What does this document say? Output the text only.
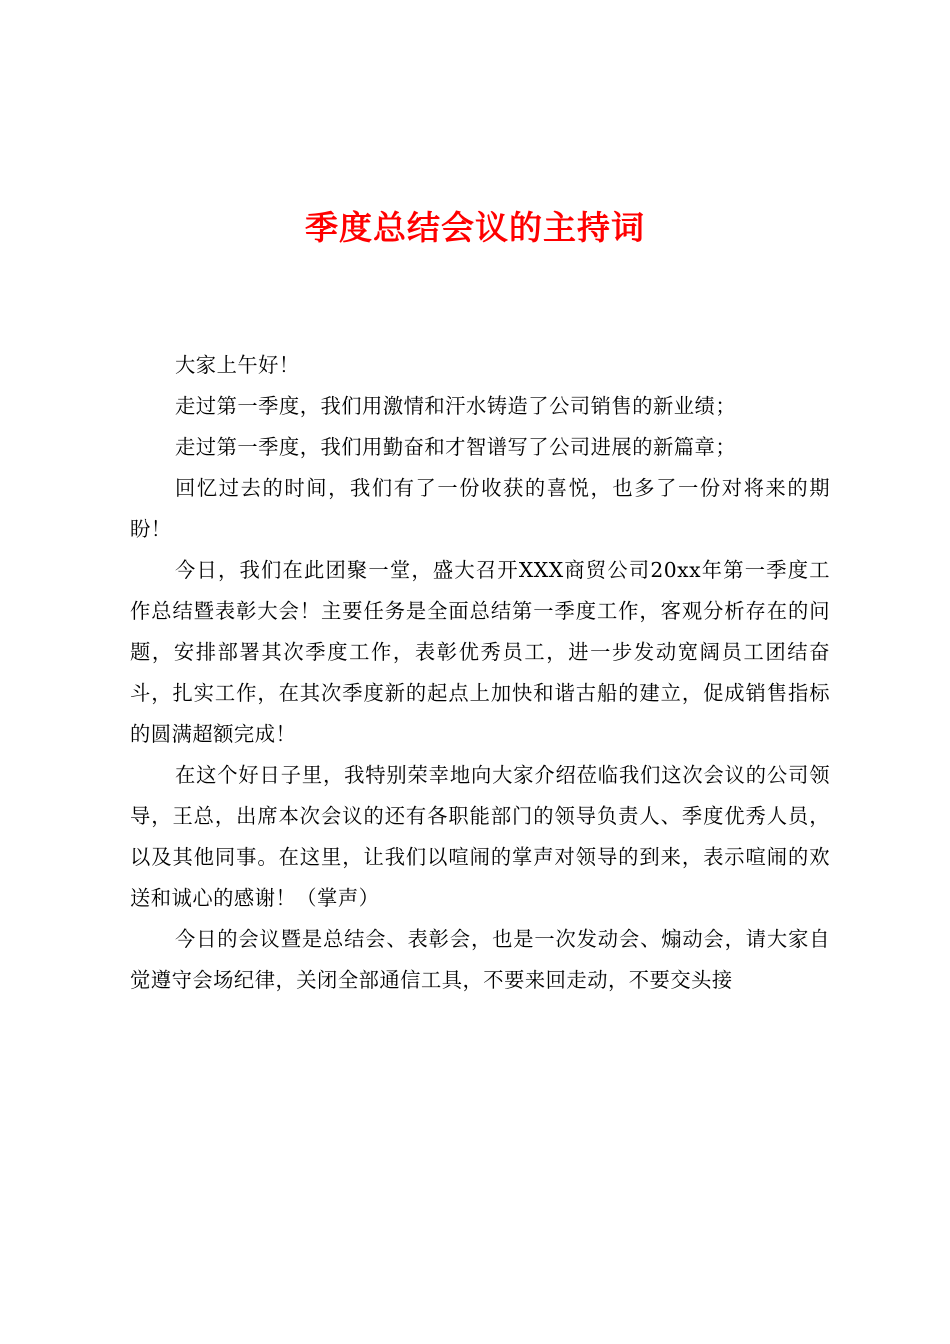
季度总结会议的主持词

大家上午好！

走过第一季度，我们用激情和汗水铸造了公司销售的新业绩；

走过第一季度，我们用勤奋和才智谱写了公司进展的新篇章；

回忆过去的时间，我们有了一份收获的喜悦，也多了一份对将来的期盼！

今日，我们在此团聚一堂，盛大召开XXX商贸公司20xx年第一季度工作总结暨表彰大会！主要任务是全面总结第一季度工作，客观分析存在的问题，安排部署其次季度工作，表彰优秀员工，进一步发动宽阔员工团结奋斗，扎实工作，在其次季度新的起点上加快和谐古船的建立，促成销售指标的圆满超额完成！

在这个好日子里，我特别荣幸地向大家介绍莅临我们这次会议的公司领导，王总，出席本次会议的还有各职能部门的领导负责人、季度优秀人员，以及其他同事。在这里，让我们以喧闹的掌声对领导的到来，表示喧闹的欢送和诚心的感谢！（掌声）

今日的会议暨是总结会、表彰会，也是一次发动会、煽动会，请大家自觉遵守会场纪律，关闭全部通信工具，不要来回走动，不要交头接
